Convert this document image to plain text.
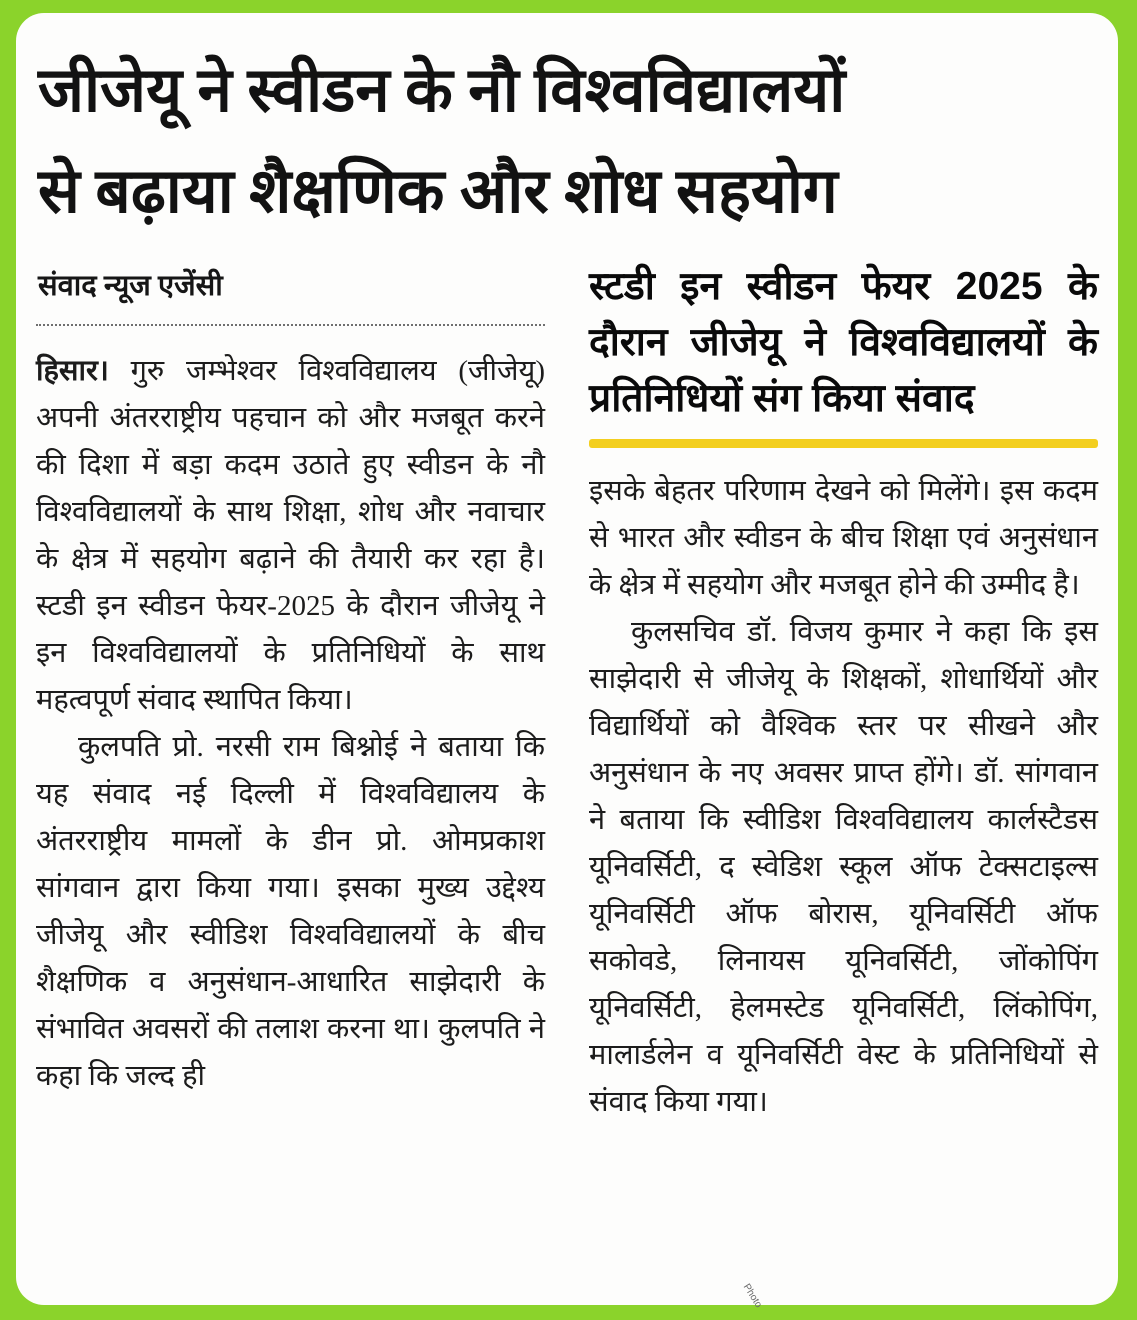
जीजेयू ने स्वीडन के नौ विश्वविद्यालयों
से बढ़ाया शैक्षणिक और शोध सहयोग
संवाद न्यूज एजेंसी

हिसार। गुरु जम्भेश्वर विश्वविद्यालय (जीजेयू) अपनी अंतरराष्ट्रीय पहचान को और मजबूत करने की दिशा में बड़ा कदम उठाते हुए स्वीडन के नौ विश्वविद्यालयों के साथ शिक्षा, शोध और नवाचार के क्षेत्र में सहयोग बढ़ाने की तैयारी कर रहा है। स्टडी इन स्वीडन फेयर-2025 के दौरान जीजेयू ने इन विश्वविद्यालयों के प्रतिनिधियों के साथ महत्वपूर्ण संवाद स्थापित किया।

कुलपति प्रो. नरसी राम बिश्नोई ने बताया कि यह संवाद नई दिल्ली में विश्वविद्यालय के अंतरराष्ट्रीय मामलों के डीन प्रो. ओमप्रकाश सांगवान द्वारा किया गया। इसका मुख्य उद्देश्य जीजेयू और स्वीडिश विश्वविद्यालयों के बीच शैक्षणिक व अनुसंधान-आधारित साझेदारी के संभावित अवसरों की तलाश करना था। कुलपति ने कहा कि जल्द ही

स्टडी इन स्वीडन फेयर 2025 के दौरान जीजेयू ने विश्वविद्यालयों के प्रतिनिधियों संग किया संवाद

इसके बेहतर परिणाम देखने को मिलेंगे। इस कदम से भारत और स्वीडन के बीच शिक्षा एवं अनुसंधान के क्षेत्र में सहयोग और मजबूत होने की उम्मीद है।

कुलसचिव डॉ. विजय कुमार ने कहा कि इस साझेदारी से जीजेयू के शिक्षकों, शोधार्थियों और विद्यार्थियों को वैश्विक स्तर पर सीखने और अनुसंधान के नए अवसर प्राप्त होंगे। डॉ. सांगवान ने बताया कि स्वीडिश विश्वविद्यालय कार्लस्टैडस यूनिवर्सिटी, द स्वेडिश स्कूल ऑफ टेक्सटाइल्स यूनिवर्सिटी ऑफ बोरास, यूनिवर्सिटी ऑफ सकोवडे, लिनायस यूनिवर्सिटी, जोंकोपिंग यूनिवर्सिटी, हेलमस्टेड यूनिवर्सिटी, लिंकोपिंग, मालार्डलेन व यूनिवर्सिटी वेस्ट के प्रतिनिधियों से संवाद किया गया।

Photo
